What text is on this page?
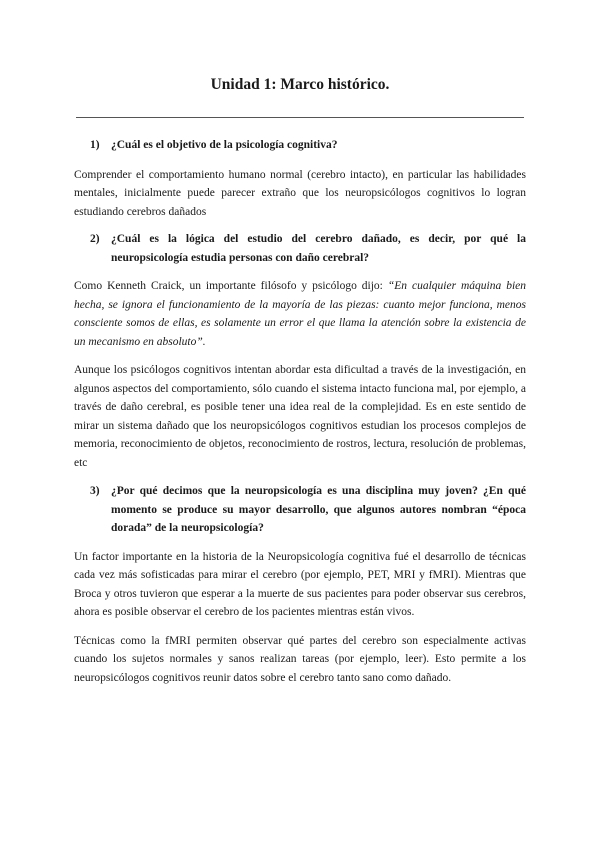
Unidad 1: Marco histórico.
1) ¿Cuál es el objetivo de la psicología cognitiva?

Comprender el comportamiento humano normal (cerebro intacto), en particular las habilidades mentales, inicialmente puede parecer extraño que los neuropsicólogos cognitivos lo logran estudiando cerebros dañados

2) ¿Cuál es la lógica del estudio del cerebro dañado, es decir, por qué la neuropsicología estudia personas con daño cerebral?

Como Kenneth Craick, un importante filósofo y psicólogo dijo: “En cualquier máquina bien hecha, se ignora el funcionamiento de la mayoría de las piezas: cuanto mejor funciona, menos consciente somos de ellas, es solamente un error el que llama la atención sobre la existencia de un mecanismo en absoluto”.

Aunque los psicólogos cognitivos intentan abordar esta dificultad a través de la investigación, en algunos aspectos del comportamiento, sólo cuando el sistema intacto funciona mal, por ejemplo, a través de daño cerebral, es posible tener una idea real de la complejidad. Es en este sentido de mirar un sistema dañado que los neuropsicólogos cognitivos estudian los procesos complejos de memoria, reconocimiento de objetos, reconocimiento de rostros, lectura, resolución de problemas, etc

3) ¿Por qué decimos que la neuropsicología es una disciplina muy joven? ¿En qué momento se produce su mayor desarrollo, que algunos autores nombran “época dorada” de la neuropsicología?

Un factor importante en la historia de la Neuropsicología cognitiva fué el desarrollo de técnicas cada vez más sofisticadas para mirar el cerebro (por ejemplo, PET, MRI y fMRI). Mientras que Broca y otros tuvieron que esperar a la muerte de sus pacientes para poder observar sus cerebros, ahora es posible observar el cerebro de los pacientes mientras están vivos.

Técnicas como la fMRI permiten observar qué partes del cerebro son especialmente activas cuando los sujetos normales y sanos realizan tareas (por ejemplo, leer). Esto permite a los neuropsicólogos cognitivos reunir datos sobre el cerebro tanto sano como dañado.
